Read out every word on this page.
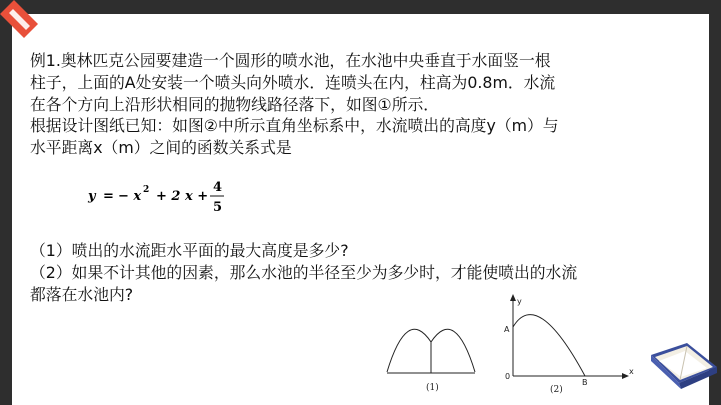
例1.奥林匹克公园要建造一个圆形的喷水池，在水池中央垂直于水面竖一根

柱子，上面的A处安装一个喷头向外喷水．连喷头在内，柱高为0.8m．水流

在各个方向上沿形状相同的抛物线路径落下，如图①所示．

根据设计图纸已知：如图②中所示直角坐标系中，水流喷出的高度y（m）与

水平距离x（m）之间的函数关系式是

y = − x 2 + 2 x +
4
5

（1）喷出的水流距水平面的最大高度是多少?

（2）如果不计其他的因素，那么水池的半径至少为多少时，才能使喷出的水流

都落在水池内?

(1)
y
x
0
A
B
(2)
